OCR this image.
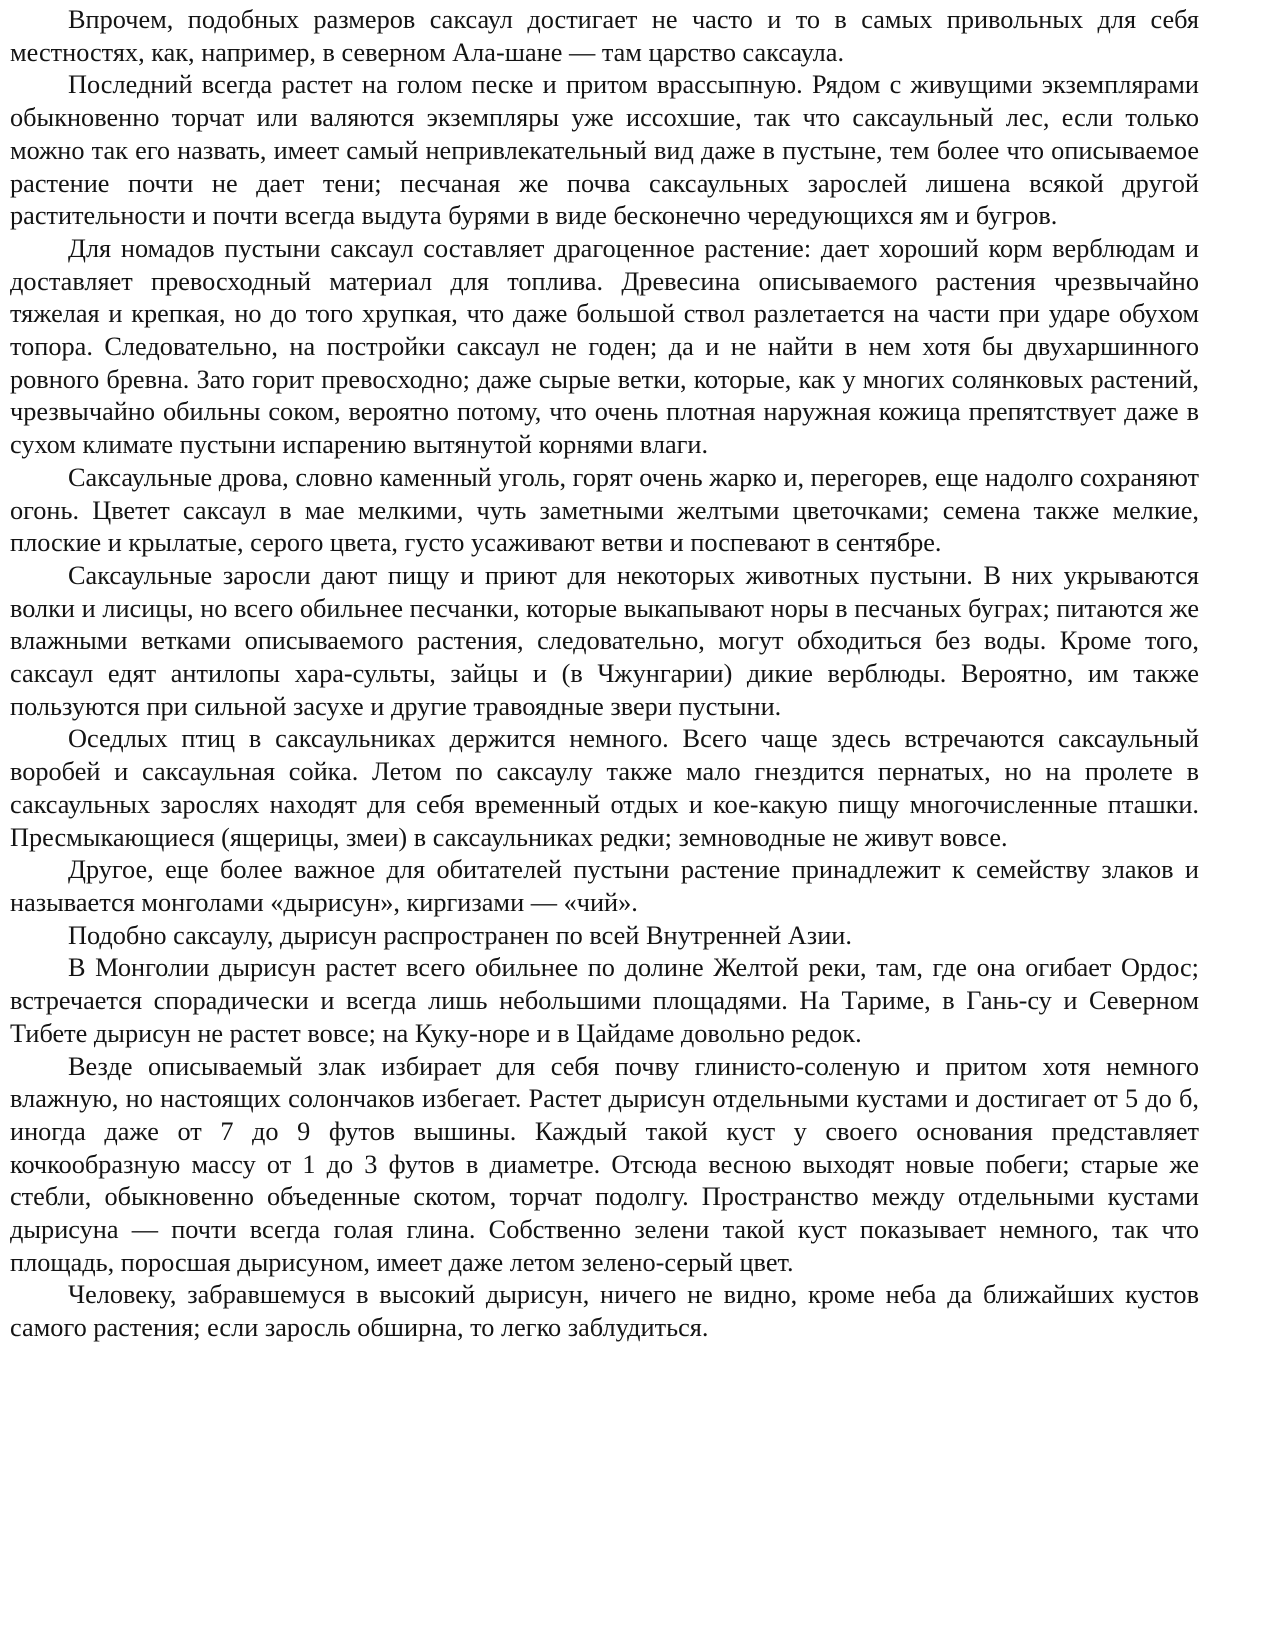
Впрочем, подобных размеров саксаул достигает не часто и то в самых привольных для себя местностях, как, например, в северном Ала-шане — там царство саксаула.

Последний всегда растет на голом песке и притом врассыпную. Рядом с живущими экземплярами обыкновенно торчат или валяются экземпляры уже иссохшие, так что саксаульный лес, если только можно так его назвать, имеет самый непривлекательный вид даже в пустыне, тем более что описываемое растение почти не дает тени; песчаная же почва саксаульных зарослей лишена всякой другой растительности и почти всегда выдута бурями в виде бесконечно чередующихся ям и бугров.

Для номадов пустыни саксаул составляет драгоценное растение: дает хороший корм верблюдам и доставляет превосходный материал для топлива. Древесина описываемого растения чрезвычайно тяжелая и крепкая, но до того хрупкая, что даже большой ствол разлетается на части при ударе обухом топора. Следовательно, на постройки саксаул не годен; да и не найти в нем хотя бы двухаршинного ровного бревна. Зато горит превосходно; даже сырые ветки, которые, как у многих солянковых растений, чрезвычайно обильны соком, вероятно потому, что очень плотная наружная кожица препятствует даже в сухом климате пустыни испарению вытянутой корнями влаги.

Саксаульные дрова, словно каменный уголь, горят очень жарко и, перегорев, еще надолго сохраняют огонь. Цветет саксаул в мае мелкими, чуть заметными желтыми цветочками; семена также мелкие, плоские и крылатые, серого цвета, густо усаживают ветви и поспевают в сентябре.

Саксаульные заросли дают пищу и приют для некоторых животных пустыни. В них укрываются волки и лисицы, но всего обильнее песчанки, которые выкапывают норы в песчаных буграх; питаются же влажными ветками описываемого растения, следовательно, могут обходиться без воды. Кроме того, саксаул едят антилопы хара-сульты, зайцы и (в Чжунгарии) дикие верблюды. Вероятно, им также пользуются при сильной засухе и другие травоядные звери пустыни.

Оседлых птиц в саксаульниках держится немного. Всего чаще здесь встречаются саксаульный воробей и саксаульная сойка. Летом по саксаулу также мало гнездится пернатых, но на пролете в саксаульных зарослях находят для себя временный отдых и кое-какую пищу многочисленные пташки. Пресмыкающиеся (ящерицы, змеи) в саксаульниках редки; земноводные не живут вовсе.

Другое, еще более важное для обитателей пустыни растение принадлежит к семейству злаков и называется монголами «дырисун», киргизами — «чий».

Подобно саксаулу, дырисун распространен по всей Внутренней Азии.

В Монголии дырисун растет всего обильнее по долине Желтой реки, там, где она огибает Ордос; встречается спорадически и всегда лишь небольшими площадями. На Тариме, в Гань-су и Северном Тибете дырисун не растет вовсе; на Куку-норе и в Цайдаме довольно редок.

Везде описываемый злак избирает для себя почву глинисто-соленую и притом хотя немного влажную, но настоящих солончаков избегает. Растет дырисун отдельными кустами и достигает от 5 до б, иногда даже от 7 до 9 футов вышины. Каждый такой куст у своего основания представляет кочкообразную массу от 1 до 3 футов в диаметре. Отсюда весною выходят новые побеги; старые же стебли, обыкновенно объеденные скотом, торчат подолгу. Пространство между отдельными кустами дырисуна — почти всегда голая глина. Собственно зелени такой куст показывает немного, так что площадь, поросшая дырисуном, имеет даже летом зелено-серый цвет.

Человеку, забравшемуся в высокий дырисун, ничего не видно, кроме неба да ближайших кустов самого растения; если заросль обширна, то легко заблудиться.
